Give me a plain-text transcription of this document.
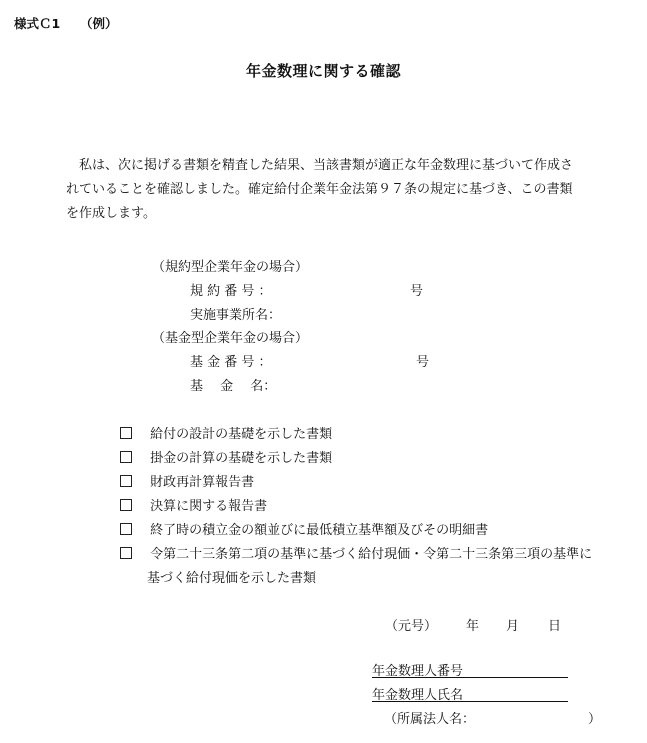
様式Ｃ1 （例）
年金数理に関する確認
　私は、次に掲げる書類を精査した結果、当該書類が適正な年金数理に基づいて作成さ
れていることを確認しました。確定給付企業年金法第９７条の規定に基づき、この書類
を作成します。
（規約型企業年金の場合）
規 約 番 号 ：	号
実施事業所名：
（基金型企業年金の場合）
基 金 番 号 ：	号
基　 金　 名：
給付の設計の基礎を示した書類
掛金の計算の基礎を示した書類
財政再計算報告書
決算に関する報告書
終了時の積立金の額並びに最低積立基準額及びその明細書
令第二十三条第二項の基準に基づく給付現価・令第二十三条第三項の基準に
基づく給付現価を示した書類
（元号） 年 月 日
年金数理人番号
年金数理人氏名
（所属法人名：	）
